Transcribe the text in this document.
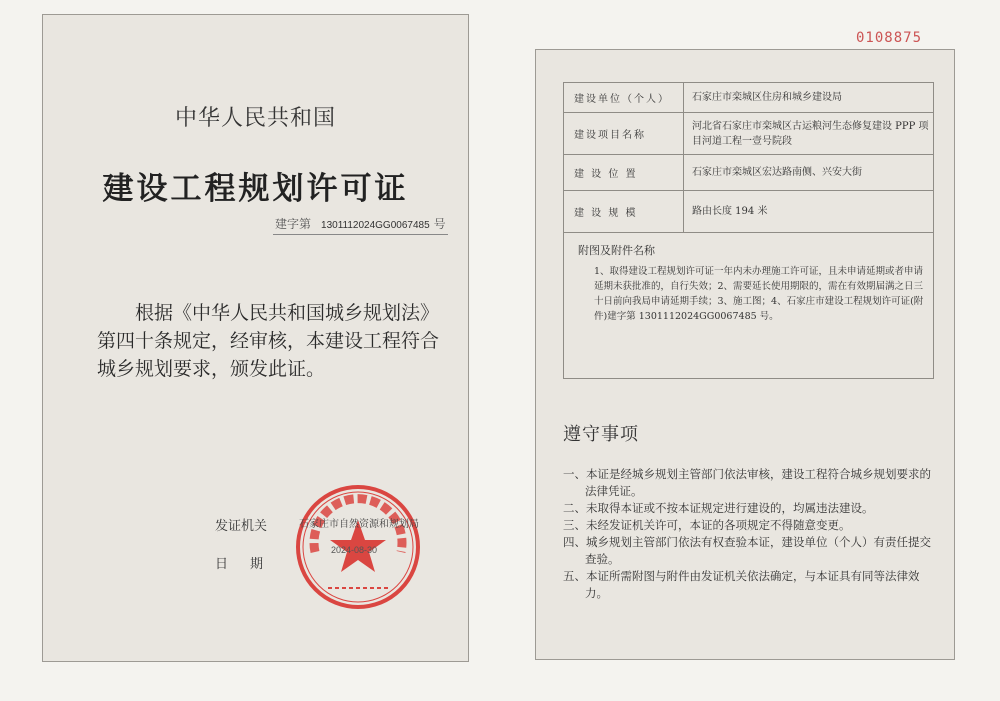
0108875
中华人民共和国
建设工程规划许可证
建字第 1301112024GG0067485 号
根据《中华人民共和国城乡规划法》第四十条规定，经审核，本建设工程符合城乡规划要求，颁发此证。
发证机关	石家庄市自然资源和规划局
日期
2024-08-30
建设单位（个人）	石家庄市栾城区住房和城乡建设局
建设项目名称	河北省石家庄市栾城区古运粮河生态修复建设 PPP 项目河道工程一壹号院段
建 设 位 置	石家庄市栾城区宏达路南侧、兴安大街
建 设 规 模	路由长度 194 米
附图及附件名称
1、取得建设工程规划许可证一年内未办理施工许可证，且未申请延期或者申请延期未获批准的，自行失效；2、需要延长使用期限的，需在有效期届满之日三十日前向我局申请延期手续；3、施工图；4、石家庄市建设工程规划许可证(附件)建字第 1301112024GG0067485 号。
遵守事项
一、本证是经城乡规划主管部门依法审核，建设工程符合城乡规划要求的法律凭证。
二、未取得本证或不按本证规定进行建设的，均属违法建设。
三、未经发证机关许可，本证的各项规定不得随意变更。
四、城乡规划主管部门依法有权查验本证，建设单位（个人）有责任提交查验。
五、本证所需附图与附件由发证机关依法确定，与本证具有同等法律效力。
